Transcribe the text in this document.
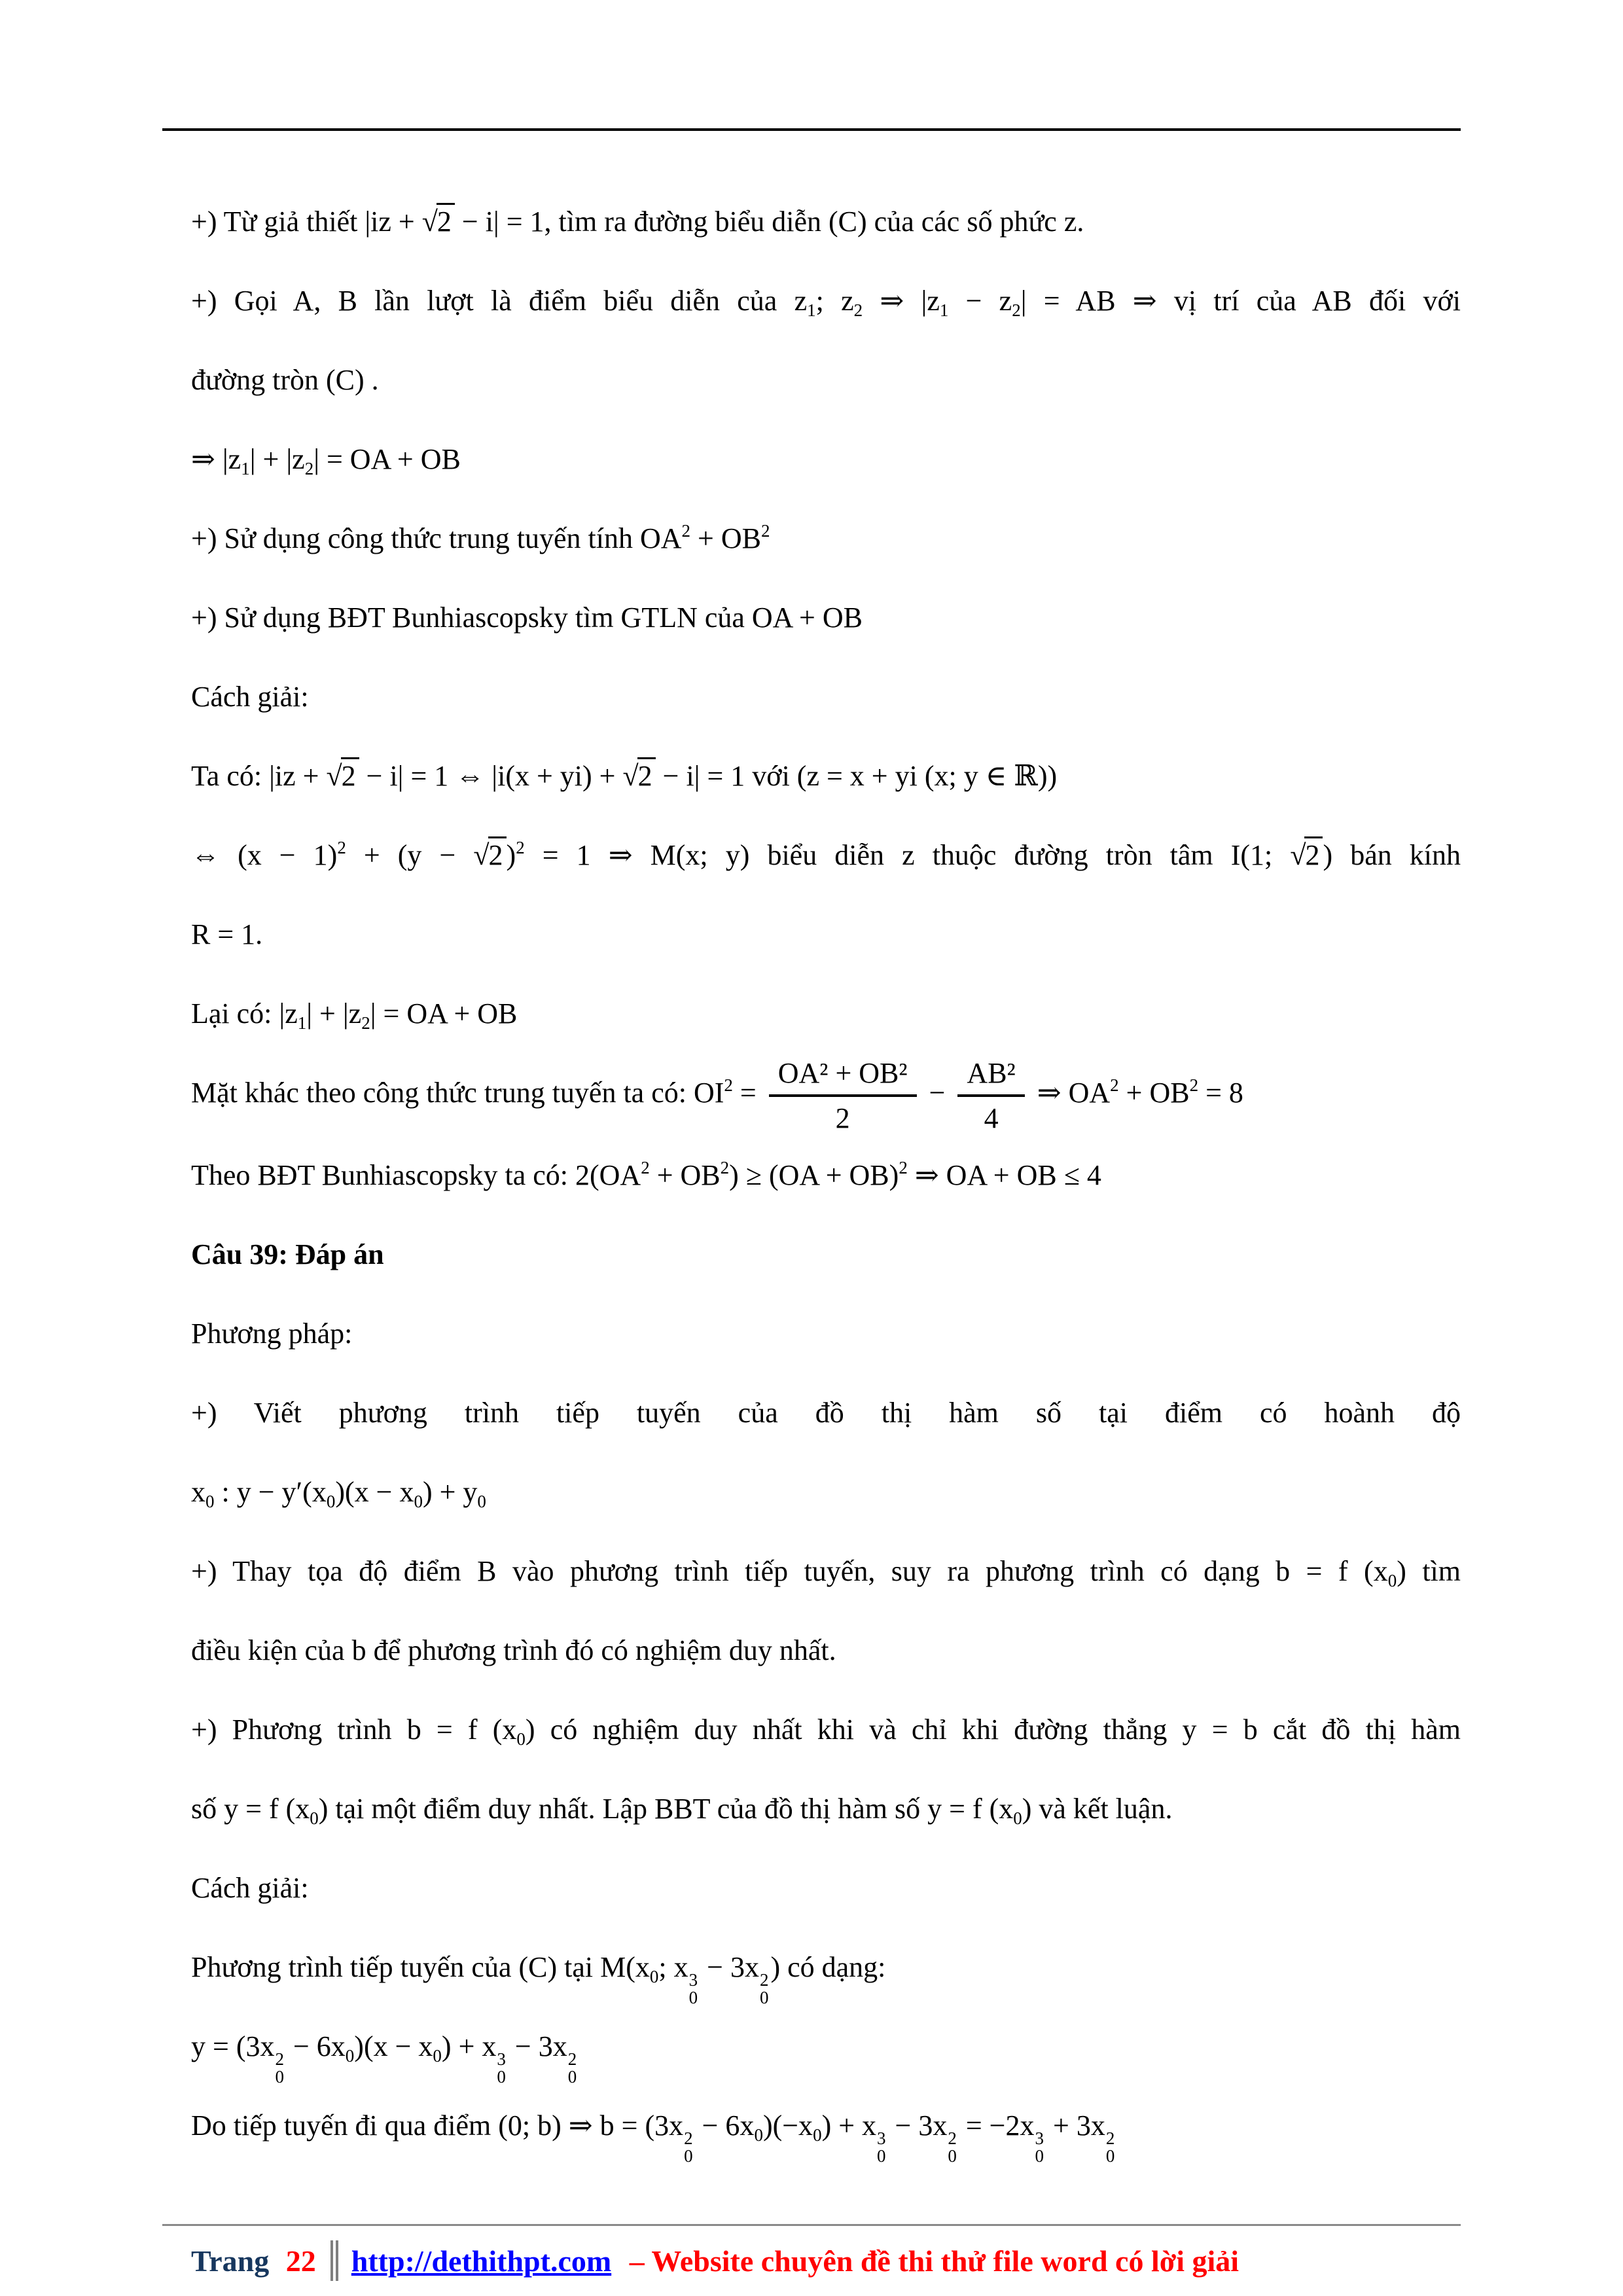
+) Từ giả thiết |iz + √2 − i| = 1, tìm ra đường biểu diễn (C) của các số phức z.

+) Gọi A, B lần lượt là điểm biểu diễn của $z_1$; $z_2$ ⇒ $|z_1 - z_2|$ = AB ⇒ vị trí của AB đối với

đường tròn (C) .

⇒ $|z_1| + |z_2|$ = OA + OB

+) Sử dụng công thức trung tuyến tính $OA^2 + OB^2$

+) Sử dụng BĐT Bunhiascopsky tìm GTLN của OA + OB

Cách giải:

Ta có: |iz + √2 − i| = 1 ⇔ |i(x + yi) + √2 − i| = 1 với (z = x + yi (x; y ∈ ℝ))

⇔ $(x - 1)^2 + (y - √2$ )$^2$ = 1 ⇒ M(x; y) biểu diễn z thuộc đường tròn tâm I(1; √2 ) bán kính

R = 1.

Lại có: $|z_1| + |z_2|$ = OA + OB

Mặt khác theo công thức trung tuyến ta có: $OI^2 = \frac{\text{OA² + OB²}}{2} - \frac{\text{AB²}}{4}$ ⇒ $OA^2 + OB^2 = 8$

Theo BĐT Bunhiascopsky ta có: $2(OA^2 + OB^2) \ge (OA + OB)^2$ ⇒ OA + OB ≤ 4

Câu 39: Đáp án

Phương pháp:

+) Viết phương trình tiếp tuyến của đồ thị hàm số tại điểm có hoành độ

$x_0$ : $y - y'(x_0)(x - x_0) + y_0$

+) Thay tọa độ điểm B vào phương trình tiếp tuyến, suy ra phương trình có dạng b = f $(x_0)$ tìm

điều kiện của b để phương trình đó có nghiệm duy nhất.

+) Phương trình b = f $(x_0)$ có nghiệm duy nhất khi và chỉ khi đường thẳng y = b cắt đồ thị hàm

số y = f $(x_0)$ tại một điểm duy nhất. Lập BBT của đồ thị hàm số y = f $(x_0)$ và kết luận.

Cách giải:

Phương trình tiếp tuyến của (C) tại $M(x_0$; x 3
0
− 3x 2
0
) có dạng:

y = (3x 2
0
− $6x_0)(x - x_0) + x$ 3
0
− 3x 2
0

Do tiếp tuyến đi qua điểm (0; b) ⇒ b = (3x 2
0
− $6x_0)(-x_0) + x$ 3
0
− 3x 2
0
= −2x 3
0
+ 3x 2
0

Trang 22 http://dethithpt.com – Website chuyên đề thi thử file word có lời giải
